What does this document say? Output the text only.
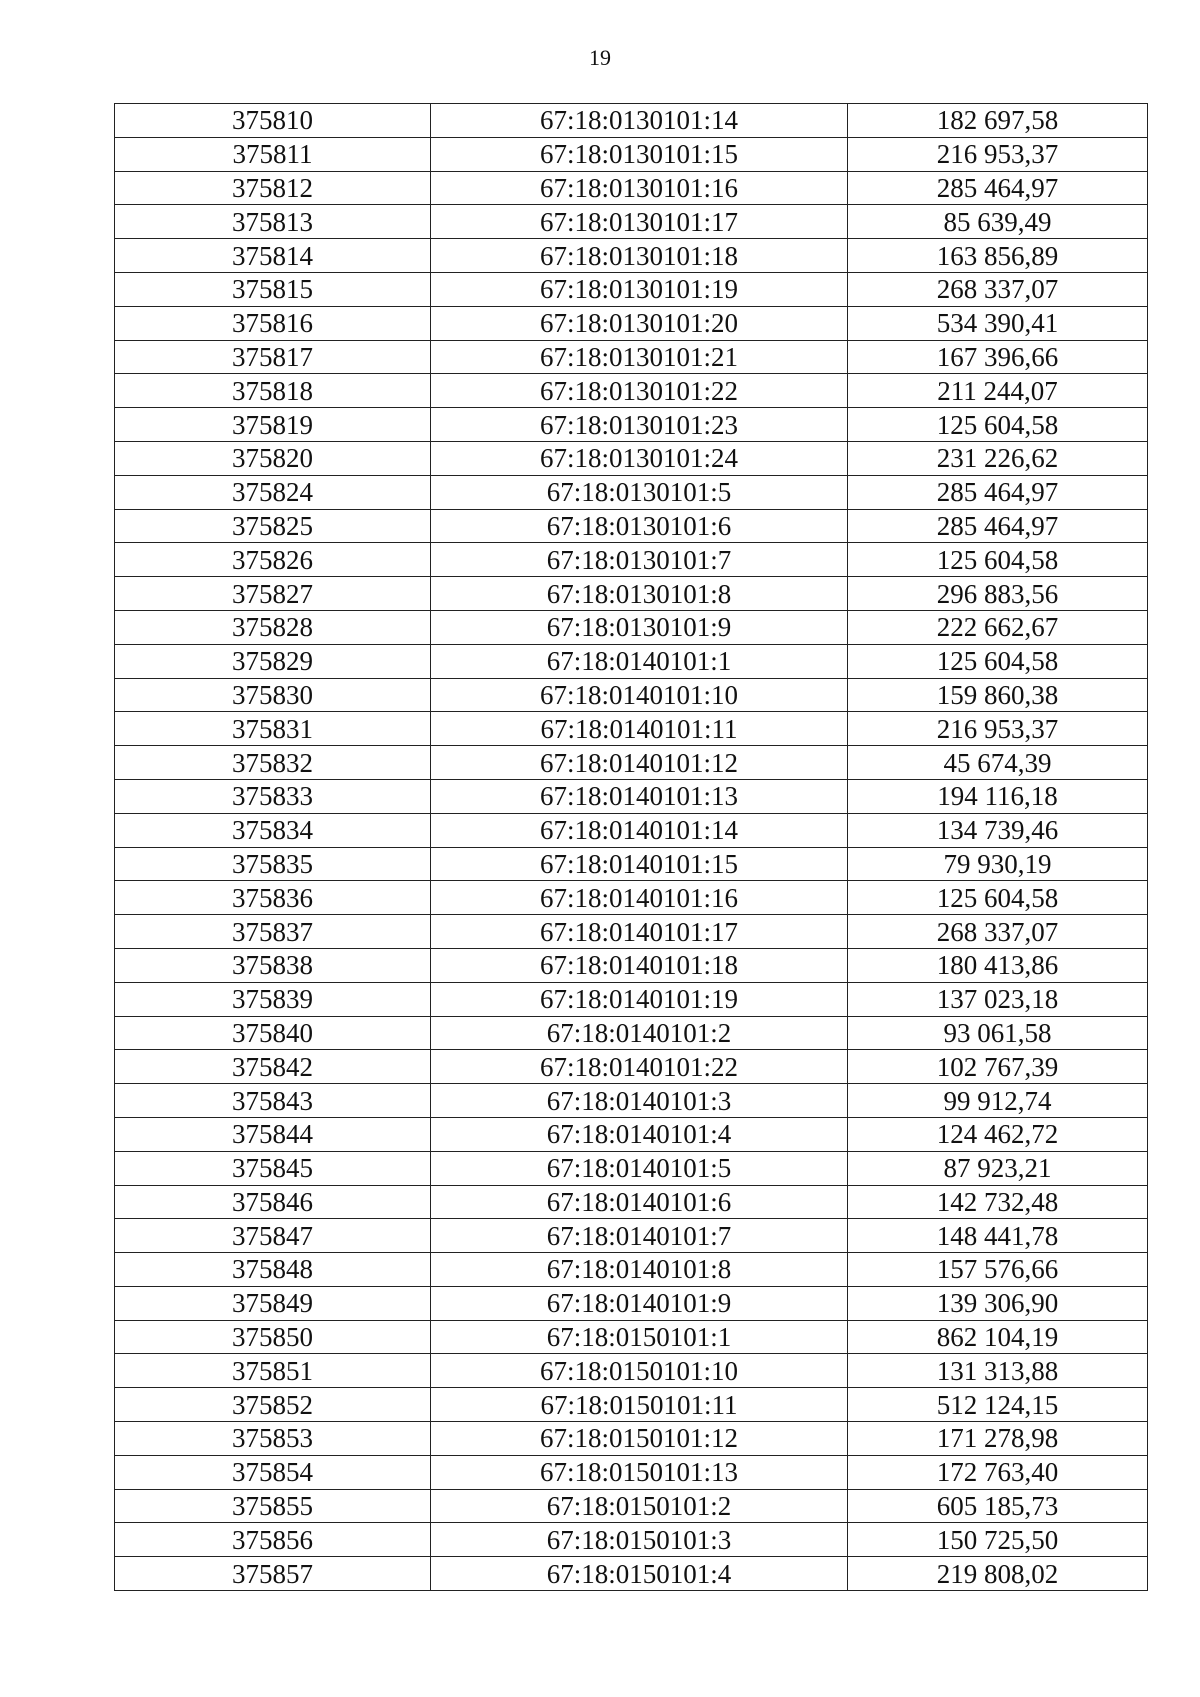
19
375810	67:18:0130101:14	182 697,58
375811	67:18:0130101:15	216 953,37
375812	67:18:0130101:16	285 464,97
375813	67:18:0130101:17	85 639,49
375814	67:18:0130101:18	163 856,89
375815	67:18:0130101:19	268 337,07
375816	67:18:0130101:20	534 390,41
375817	67:18:0130101:21	167 396,66
375818	67:18:0130101:22	211 244,07
375819	67:18:0130101:23	125 604,58
375820	67:18:0130101:24	231 226,62
375824	67:18:0130101:5	285 464,97
375825	67:18:0130101:6	285 464,97
375826	67:18:0130101:7	125 604,58
375827	67:18:0130101:8	296 883,56
375828	67:18:0130101:9	222 662,67
375829	67:18:0140101:1	125 604,58
375830	67:18:0140101:10	159 860,38
375831	67:18:0140101:11	216 953,37
375832	67:18:0140101:12	45 674,39
375833	67:18:0140101:13	194 116,18
375834	67:18:0140101:14	134 739,46
375835	67:18:0140101:15	79 930,19
375836	67:18:0140101:16	125 604,58
375837	67:18:0140101:17	268 337,07
375838	67:18:0140101:18	180 413,86
375839	67:18:0140101:19	137 023,18
375840	67:18:0140101:2	93 061,58
375842	67:18:0140101:22	102 767,39
375843	67:18:0140101:3	99 912,74
375844	67:18:0140101:4	124 462,72
375845	67:18:0140101:5	87 923,21
375846	67:18:0140101:6	142 732,48
375847	67:18:0140101:7	148 441,78
375848	67:18:0140101:8	157 576,66
375849	67:18:0140101:9	139 306,90
375850	67:18:0150101:1	862 104,19
375851	67:18:0150101:10	131 313,88
375852	67:18:0150101:11	512 124,15
375853	67:18:0150101:12	171 278,98
375854	67:18:0150101:13	172 763,40
375855	67:18:0150101:2	605 185,73
375856	67:18:0150101:3	150 725,50
375857	67:18:0150101:4	219 808,02
